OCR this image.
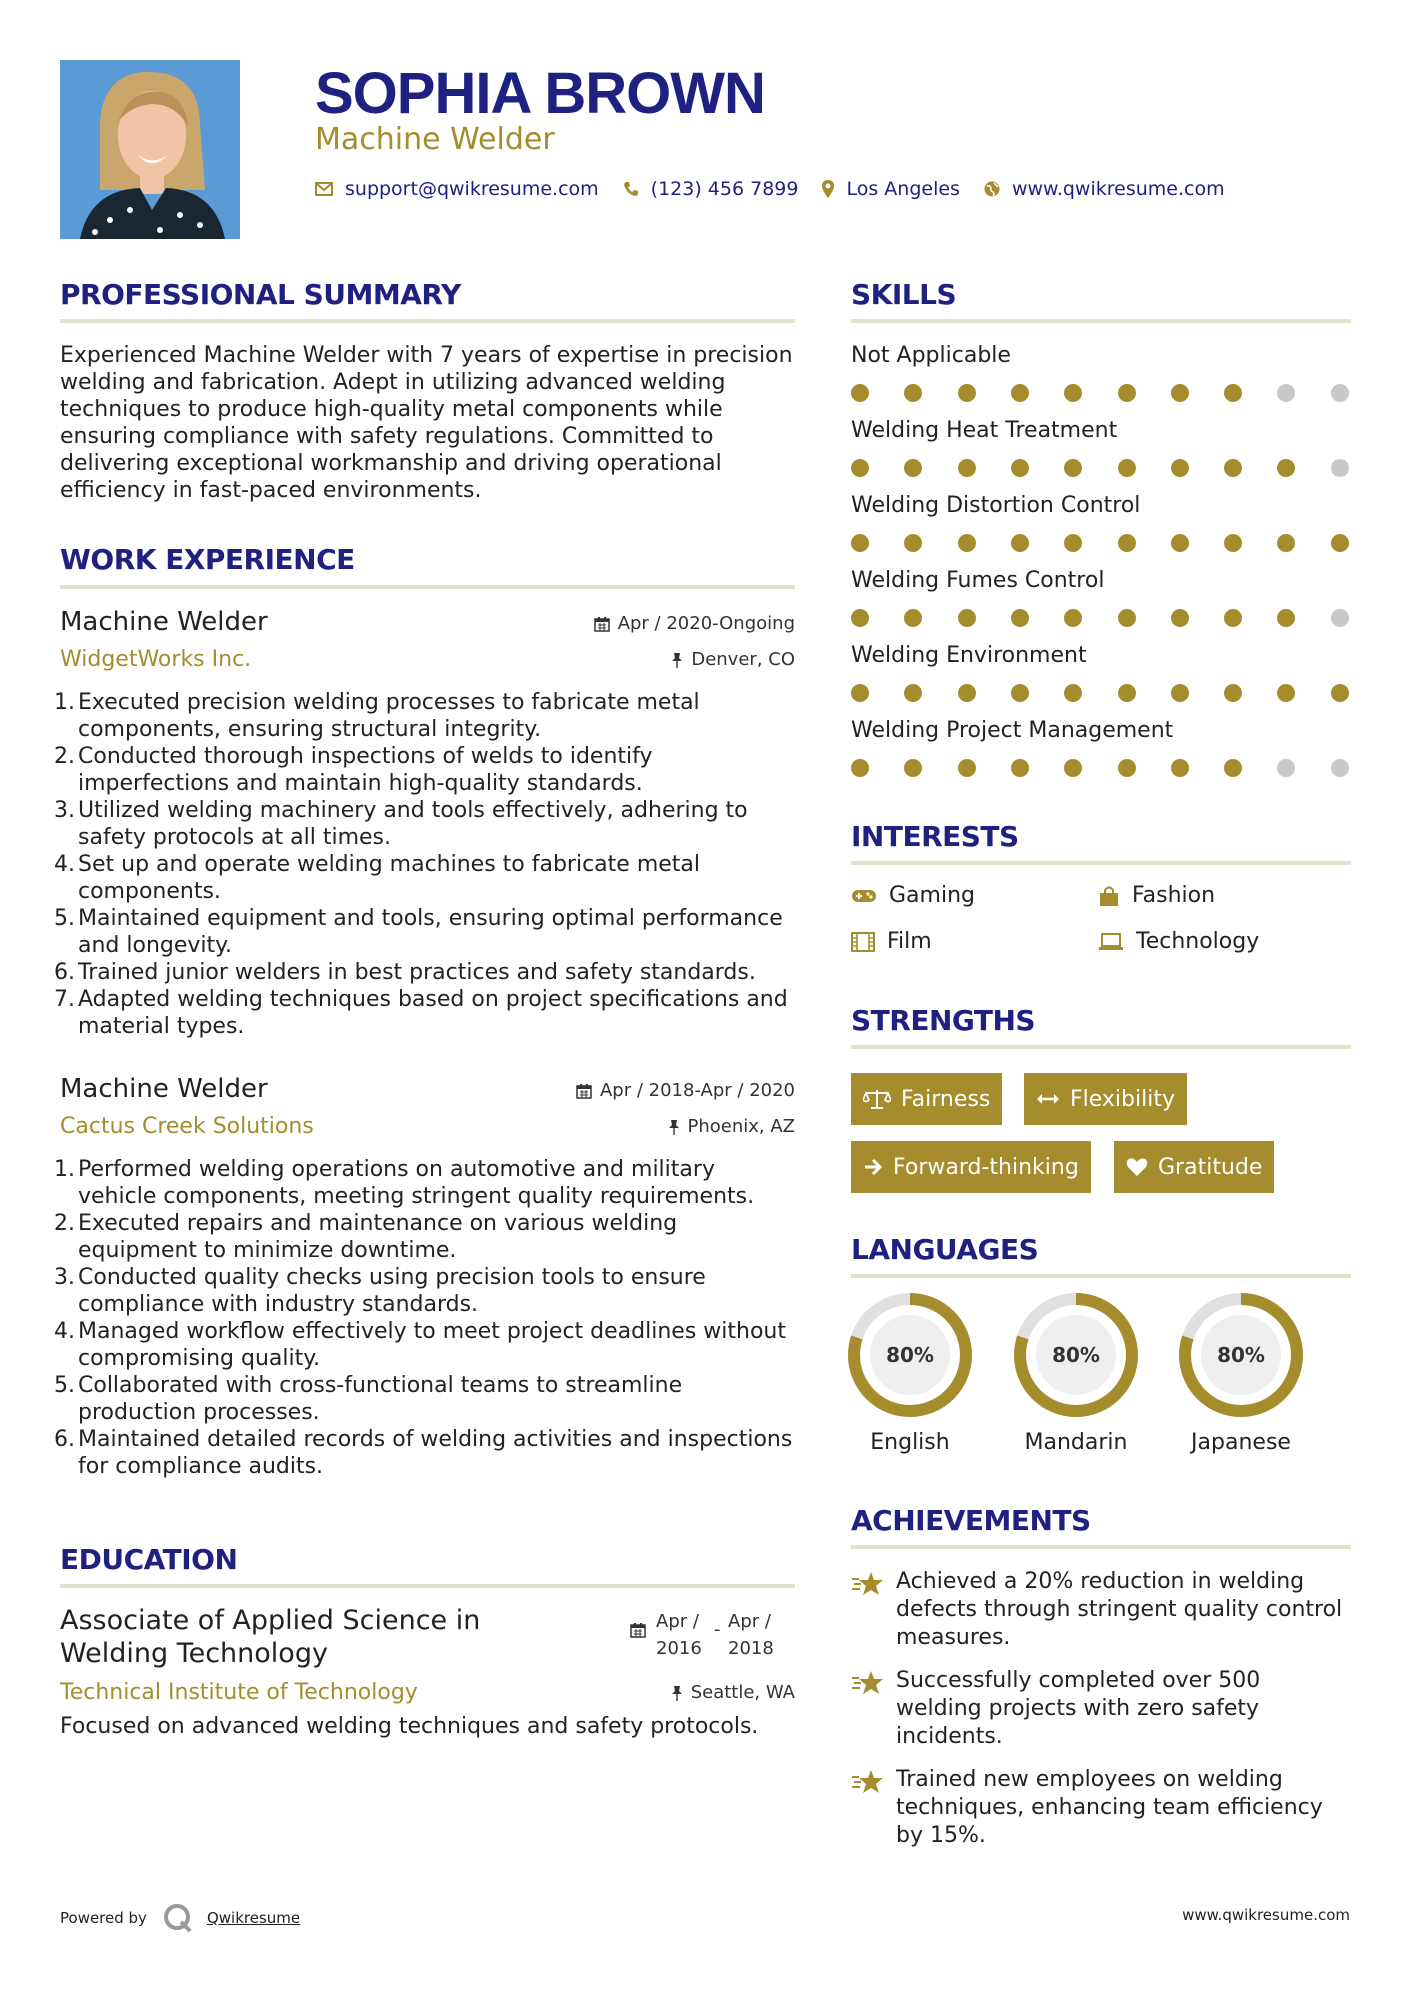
SOPHIA BROWN
Machine Welder
support@qwikresume.com	(123) 456 7899	Los Angeles	www.qwikresume.com
PROFESSIONAL SUMMARY
Experienced Machine Welder with 7 years of expertise in precision welding and fabrication. Adept in utilizing advanced welding techniques to produce high-quality metal components while ensuring compliance with safety regulations. Committed to delivering exceptional workmanship and driving operational efficiency in fast-paced environments.
WORK EXPERIENCE
Machine Welder
WidgetWorks Inc.
Apr / 2020-Ongoing
Denver, CO
1. Executed precision welding processes to fabricate metal components, ensuring structural integrity.
2. Conducted thorough inspections of welds to identify imperfections and maintain high-quality standards.
3. Utilized welding machinery and tools effectively, adhering to safety protocols at all times.
4. Set up and operate welding machines to fabricate metal components.
5. Maintained equipment and tools, ensuring optimal performance and longevity.
6. Trained junior welders in best practices and safety standards.
7. Adapted welding techniques based on project specifications and material types.
Machine Welder
Cactus Creek Solutions
Apr / 2018-Apr / 2020
Phoenix, AZ
1. Performed welding operations on automotive and military vehicle components, meeting stringent quality requirements.
2. Executed repairs and maintenance on various welding equipment to minimize downtime.
3. Conducted quality checks using precision tools to ensure compliance with industry standards.
4. Managed workflow effectively to meet project deadlines without compromising quality.
5. Collaborated with cross-functional teams to streamline production processes.
6. Maintained detailed records of welding activities and inspections for compliance audits.
EDUCATION
Associate of Applied Science in Welding Technology
Apr /
2016
- Apr /
2018
Technical Institute of Technology	Seattle, WA
Focused on advanced welding techniques and safety protocols.
SKILLS
Not Applicable
Welding Heat Treatment
Welding Distortion Control
Welding Fumes Control
Welding Environment
Welding Project Management
INTERESTS
Gaming	Fashion
Film	Technology
STRENGTHS
Fairness	Flexibility
Forward-thinking	Gratitude
LANGUAGES
80%
English
80%
Mandarin
80%
Japanese
ACHIEVEMENTS
Achieved a 20% reduction in welding defects through stringent quality control measures.
Successfully completed over 500 welding projects with zero safety incidents.
Trained new employees on welding techniques, enhancing team efficiency by 15%.
Powered by	Qwikresume	www.qwikresume.com
